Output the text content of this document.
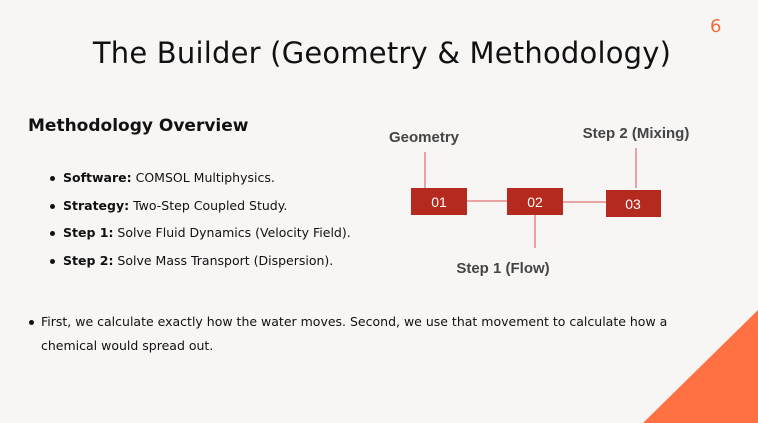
6
The Builder (Geometry & Methodology)
Methodology Overview
Software: COMSOL Multiphysics.
Strategy: Two-Step Coupled Study.
Step 1: Solve Fluid Dynamics (Velocity Field).
Step 2: Solve Mass Transport (Dispersion).
01	02	03
Geometry
Step 1 (Flow)
Step 2 (Mixing)

First, we calculate exactly how the water moves. Second, we use that movement to calculate how a chemical would spread out.
